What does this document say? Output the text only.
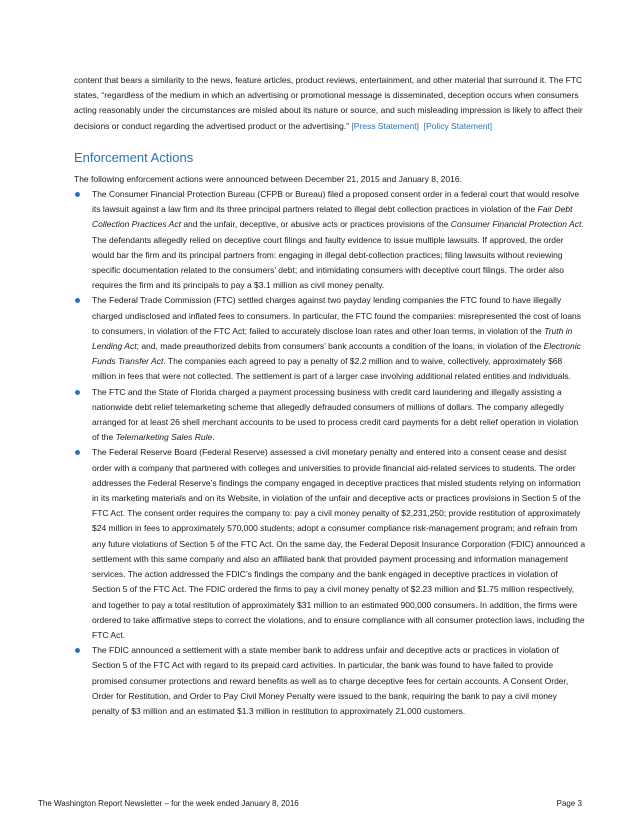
content that bears a similarity to the news, feature articles, product reviews, entertainment, and other material that surround it. The FTC states, “regardless of the medium in which an advertising or promotional message is disseminated, deception occurs when consumers acting reasonably under the circumstances are misled about its nature or source, and such misleading impression is likely to affect their decisions or conduct regarding the advertised product or the advertising.” [Press Statement] [Policy Statement]

Enforcement Actions

The following enforcement actions were announced between December 21, 2015 and January 8, 2016.

The Consumer Financial Protection Bureau (CFPB or Bureau) filed a proposed consent order in a federal court that would resolve its lawsuit against a law firm and its three principal partners related to illegal debt collection practices in violation of the Fair Debt Collection Practices Act and the unfair, deceptive, or abusive acts or practices provisions of the Consumer Financial Protection Act. The defendants allegedly relied on deceptive court filings and faulty evidence to issue multiple lawsuits. If approved, the order would bar the firm and its principal partners from: engaging in illegal debt-collection practices; filing lawsuits without reviewing specific documentation related to the consumers’ debt; and intimidating consumers with deceptive court filings. The order also requires the firm and its principals to pay a $3.1 million as civil money penalty.
The Federal Trade Commission (FTC) settled charges against two payday lending companies the FTC found to have illegally charged undisclosed and inflated fees to consumers. In particular, the FTC found the companies: misrepresented the cost of loans to consumers, in violation of the FTC Act; failed to accurately disclose loan rates and other loan terms, in violation of the Truth in Lending Act; and, made preauthorized debits from consumers’ bank accounts a condition of the loans, in violation of the Electronic Funds Transfer Act. The companies each agreed to pay a penalty of $2.2 million and to waive, collectively, approximately $68 million in fees that were not collected. The settlement is part of a larger case involving additional related entities and individuals.
The FTC and the State of Florida charged a payment processing business with credit card laundering and illegally assisting a nationwide debt relief telemarketing scheme that allegedly defrauded consumers of millions of dollars. The company allegedly arranged for at least 26 shell merchant accounts to be used to process credit card payments for a debt relief operation in violation of the Telemarketing Sales Rule.
The Federal Reserve Board (Federal Reserve) assessed a civil monetary penalty and entered into a consent cease and desist order with a company that partnered with colleges and universities to provide financial aid-related services to students. The order addresses the Federal Reserve’s findings the company engaged in deceptive practices that misled students relying on information in its marketing materials and on its Website, in violation of the unfair and deceptive acts or practices provisions in Section 5 of the FTC Act. The consent order requires the company to: pay a civil money penalty of $2,231,250; provide restitution of approximately $24 million in fees to approximately 570,000 students; adopt a consumer compliance risk-management program; and refrain from any future violations of Section 5 of the FTC Act. On the same day, the Federal Deposit Insurance Corporation (FDIC) announced a settlement with this same company and also an affiliated bank that provided payment processing and information management services. The action addressed the FDIC’s findings the company and the bank engaged in deceptive practices in violation of Section 5 of the FTC Act. The FDIC ordered the firms to pay a civil money penalty of $2.23 million and $1.75 million respectively, and together to pay a total restitution of approximately $31 million to an estimated 900,000 consumers. In addition, the firms were ordered to take affirmative steps to correct the violations, and to ensure compliance with all consumer protection laws, including the FTC Act.
The FDIC announced a settlement with a state member bank to address unfair and deceptive acts or practices in violation of Section 5 of the FTC Act with regard to its prepaid card activities. In particular, the bank was found to have failed to provide promised consumer protections and reward benefits as well as to charge deceptive fees for certain accounts. A Consent Order, Order for Restitution, and Order to Pay Civil Money Penalty were issued to the bank, requiring the bank to pay a civil money penalty of $3 million and an estimated $1.3 million in restitution to approximately 21,000 customers.
The Washington Report Newsletter – for the week ended January 8, 2016	Page 3
